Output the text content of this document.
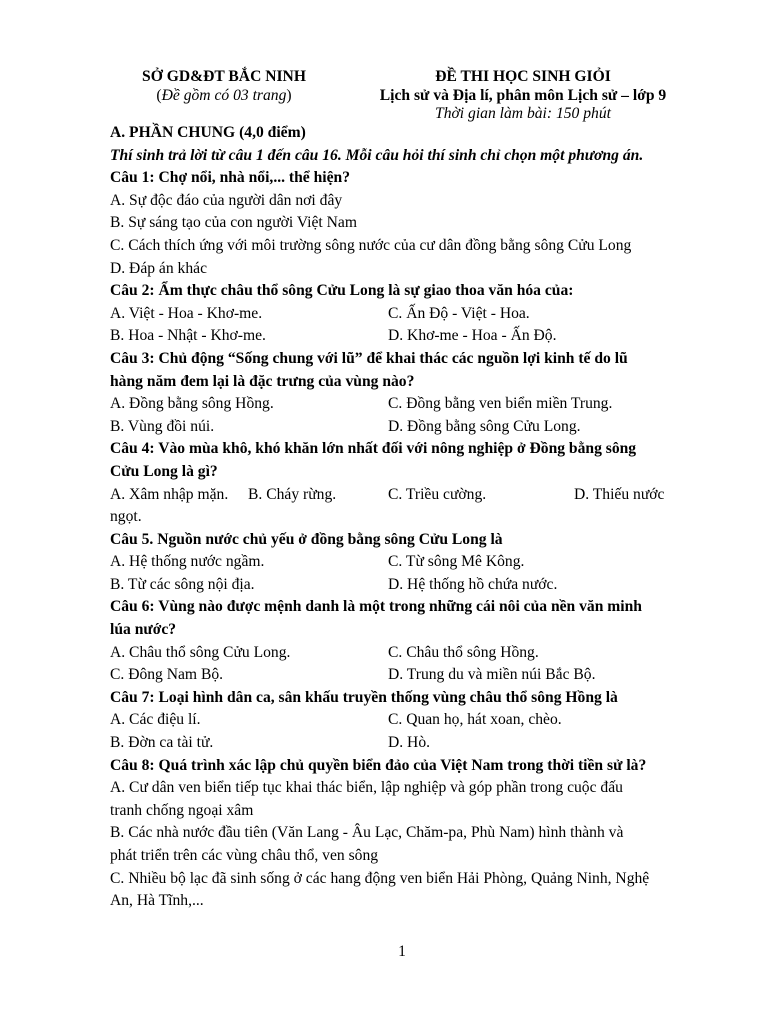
SỞ GD&ĐT BẮC NINH
(Đề gồm có 03 trang)
ĐỀ THI HỌC SINH GIỎI
Lịch sử và Địa lí, phân môn Lịch sử – lớp 9
Thời gian làm bài: 150 phút
A. PHẦN CHUNG (4,0 điểm)
Thí sinh trả lời từ câu 1 đến câu 16. Mỗi câu hỏi thí sinh chỉ chọn một phương án.
Câu 1: Chợ nổi, nhà nổi,... thể hiện?
A. Sự độc đáo của người dân nơi đây
B. Sự sáng tạo của con người Việt Nam
C. Cách thích ứng với môi trường sông nước của cư dân đồng bằng sông Cửu Long
D. Đáp án khác
Câu 2: Ẩm thực châu thổ sông Cửu Long là sự giao thoa văn hóa của:
A. Việt - Hoa - Khơ-me.	C. Ấn Độ - Việt - Hoa.
B. Hoa - Nhật - Khơ-me.	D. Khơ-me - Hoa - Ấn Độ.
Câu 3: Chủ động “Sống chung với lũ” để khai thác các nguồn lợi kinh tế do lũ
hàng năm đem lại là đặc trưng của vùng nào?
A. Đồng bằng sông Hồng.	C. Đồng bằng ven biển miền Trung.
B. Vùng đồi núi.	D. Đồng bằng sông Cửu Long.
Câu 4: Vào mùa khô, khó khăn lớn nhất đối với nông nghiệp ở Đồng bằng sông
Cửu Long là gì?
A. Xâm nhập mặn.	B. Cháy rừng.	C. Triều cường.	D. Thiếu nước
ngọt.
Câu 5. Nguồn nước chủ yếu ở đồng bằng sông Cửu Long là
A. Hệ thống nước ngầm.	C. Từ sông Mê Kông.
B. Từ các sông nội địa.	D. Hệ thống hồ chứa nước.
Câu 6: Vùng nào được mệnh danh là một trong những cái nôi của nền văn minh
lúa nước?
A. Châu thổ sông Cửu Long.	C. Châu thổ sông Hồng.
C. Đông Nam Bộ.	D. Trung du và miền núi Bắc Bộ.
Câu 7: Loại hình dân ca, sân khấu truyền thống vùng châu thổ sông Hồng là
A. Các điệu lí.	C. Quan họ, hát xoan, chèo.
B. Đờn ca tài tử.	D. Hò.
Câu 8: Quá trình xác lập chủ quyền biển đảo của Việt Nam trong thời tiền sử là?
A. Cư dân ven biển tiếp tục khai thác biển, lập nghiệp và góp phần trong cuộc đấu
tranh chống ngoại xâm
B. Các nhà nước đầu tiên (Văn Lang - Âu Lạc, Chăm-pa, Phù Nam) hình thành và
phát triển trên các vùng châu thổ, ven sông
C. Nhiều bộ lạc đã sinh sống ở các hang động ven biển Hải Phòng, Quảng Ninh, Nghệ
An, Hà Tĩnh,...
1
